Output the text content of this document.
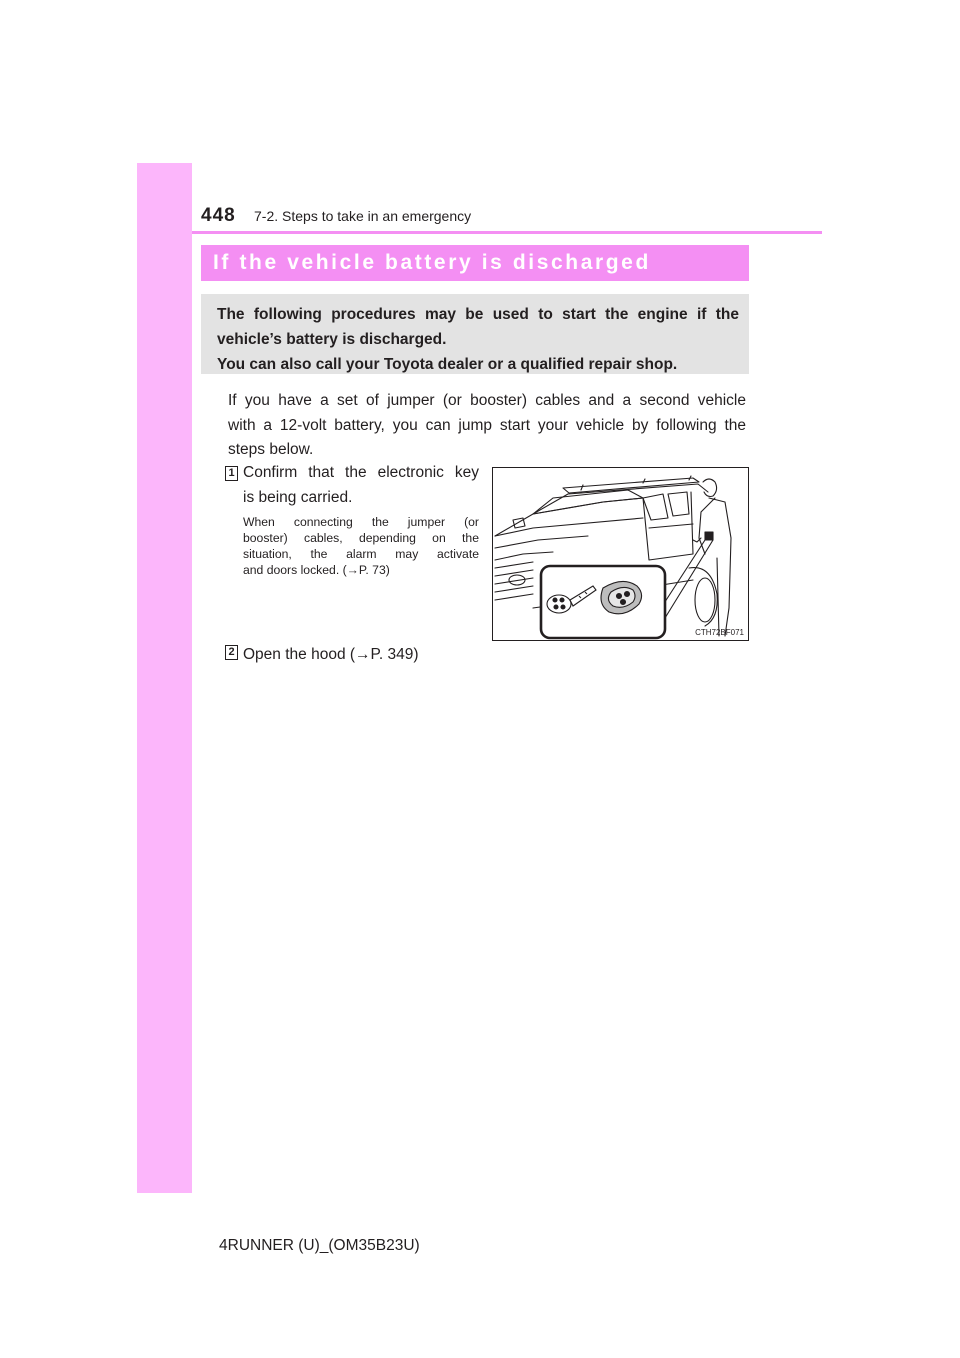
448 7-2. Steps to take in an emergency
If the vehicle battery is discharged
The following procedures may be used to start the engine if the
vehicle’s battery is discharged.
You can also call your Toyota dealer or a qualified repair shop.
If you have a set of jumper (or booster) cables and a second vehicle
with a 12-volt battery, you can jump start your vehicle by following the
steps below.
1 Confirm that the electronic key
is being carried.
When connecting the jumper (or
booster) cables, depending on the
situation, the alarm may activate
and doors locked. (→P. 73)
CTH72BF071
2 Open the hood (→P. 349)
4RUNNER (U)_(OM35B23U)
